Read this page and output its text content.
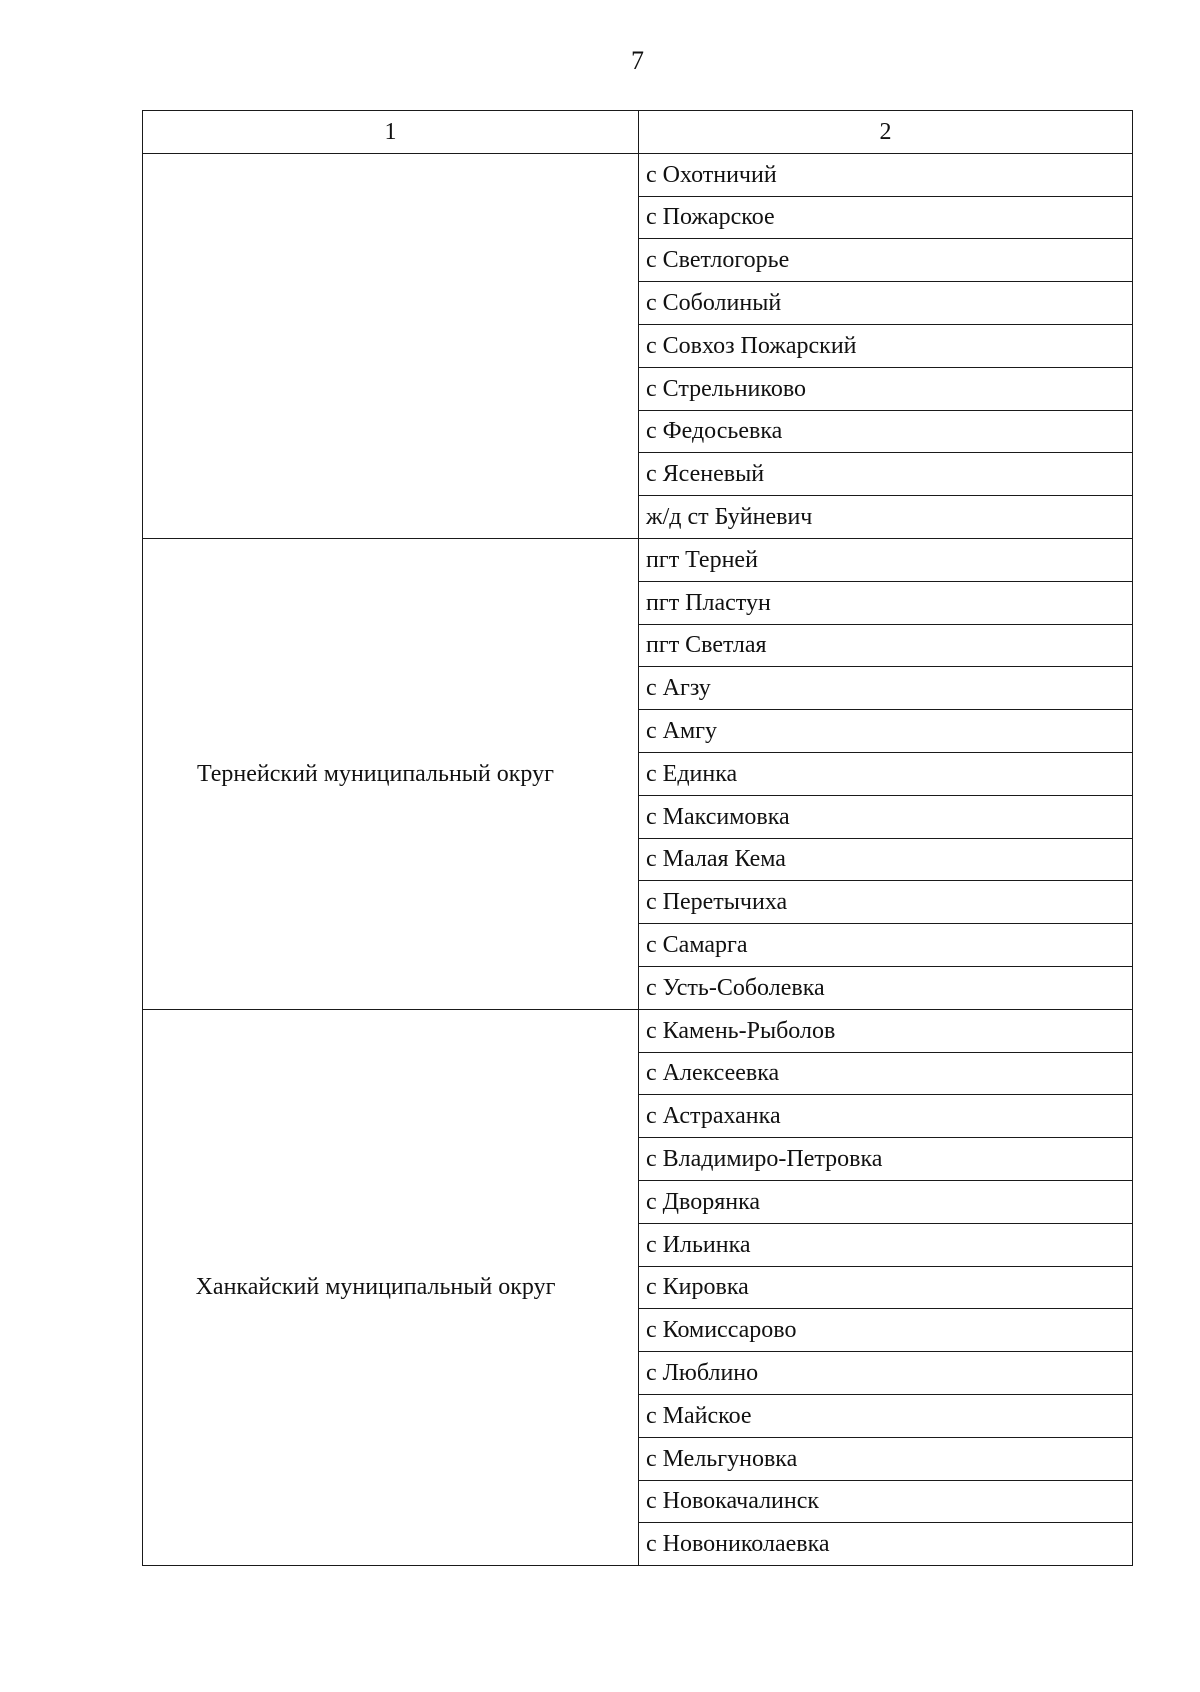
7
1	2
	с Охотничий
	с Пожарское
	с Светлогорье
	с Соболиный
	с Совхоз Пожарский
	с Стрельниково
	с Федосьевка
	с Ясеневый
	ж/д ст Буйневич
Тернейский муниципальный округ	пгт Терней
	пгт Пластун
	пгт Светлая
	с Агзу
	с Амгу
	с Единка
	с Максимовка
	с Малая Кема
	с Перетычиха
	с Самарга
	с Усть-Соболевка
Ханкайский муниципальный округ	с Камень-Рыболов
	с Алексеевка
	с Астраханка
	с Владимиро-Петровка
	с Дворянка
	с Ильинка
	с Кировка
	с Комиссарово
	с Люблино
	с Майское
	с Мельгуновка
	с Новокачалинск
	с Новониколаевка
